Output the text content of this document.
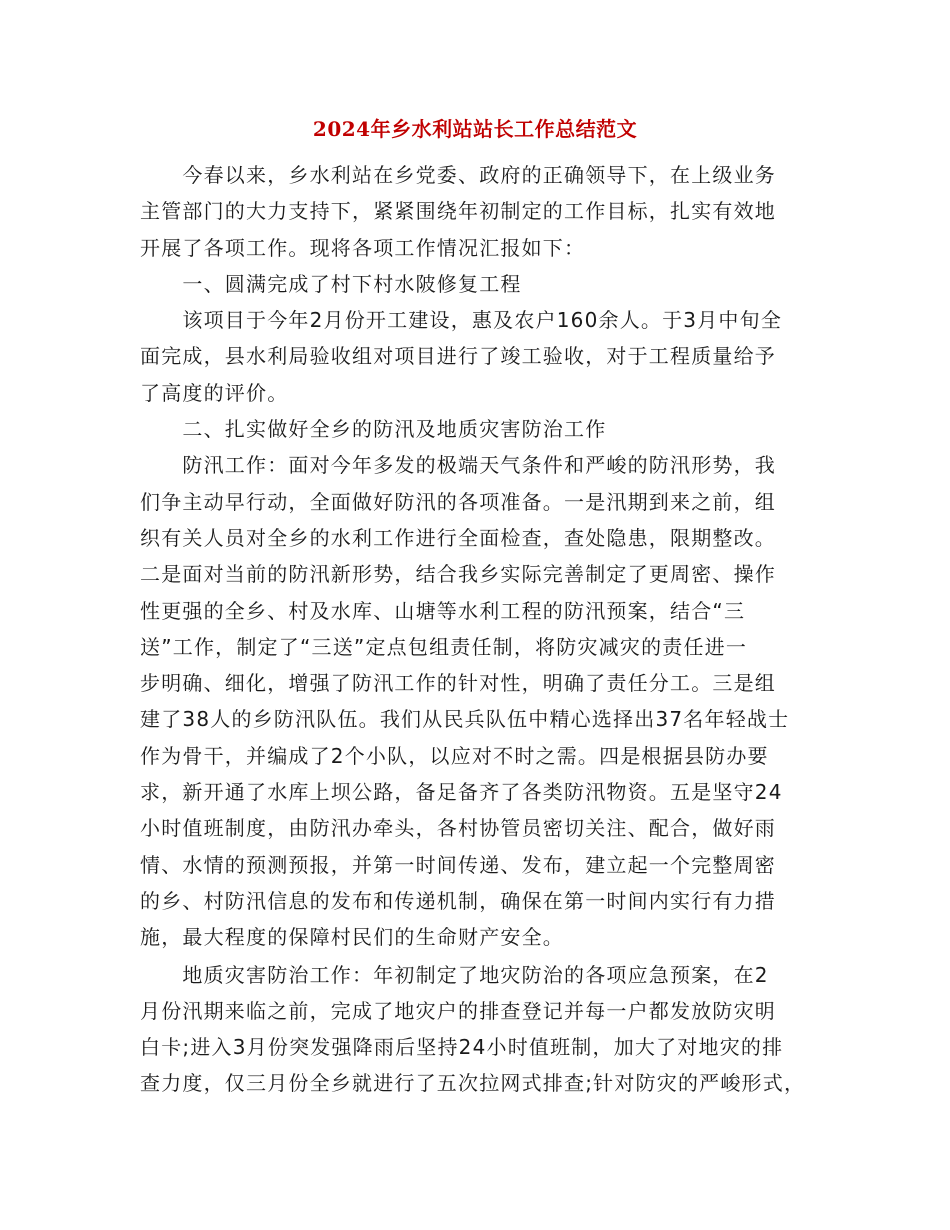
2024年乡水利站站长工作总结范文
　　今春以来，乡水利站在乡党委、政府的正确领导下，在上级业务
主管部门的大力支持下，紧紧围绕年初制定的工作目标，扎实有效地
开展了各项工作。现将各项工作情况汇报如下：
　　一、圆满完成了村下村水陂修复工程
　　该项目于今年2月份开工建设，惠及农户160余人。于3月中旬全
面完成，县水利局验收组对项目进行了竣工验收，对于工程质量给予
了高度的评价。
　　二、扎实做好全乡的防汛及地质灾害防治工作
　　防汛工作：面对今年多发的极端天气条件和严峻的防汛形势，我
们争主动早行动，全面做好防汛的各项准备。一是汛期到来之前，组
织有关人员对全乡的水利工作进行全面检查，查处隐患，限期整改。
二是面对当前的防汛新形势，结合我乡实际完善制定了更周密、操作
性更强的全乡、村及水库、山塘等水利工程的防汛预案，结合“三
送”工作，制定了“三送”定点包组责任制，将防灾减灾的责任进一
步明确、细化，增强了防汛工作的针对性，明确了责任分工。三是组
建了38人的乡防汛队伍。我们从民兵队伍中精心选择出37名年轻战士
作为骨干，并编成了2个小队，以应对不时之需。四是根据县防办要
求，新开通了水库上坝公路，备足备齐了各类防汛物资。五是坚守24
小时值班制度，由防汛办牵头，各村协管员密切关注、配合，做好雨
情、水情的预测预报，并第一时间传递、发布，建立起一个完整周密
的乡、村防汛信息的发布和传递机制，确保在第一时间内实行有力措
施，最大程度的保障村民们的生命财产安全。
　　地质灾害防治工作：年初制定了地灾防治的各项应急预案，在2
月份汛期来临之前，完成了地灾户的排查登记并每一户都发放防灾明
白卡;进入3月份突发强降雨后坚持24小时值班制，加大了对地灾的排
查力度，仅三月份全乡就进行了五次拉网式排查;针对防灾的严峻形式，
